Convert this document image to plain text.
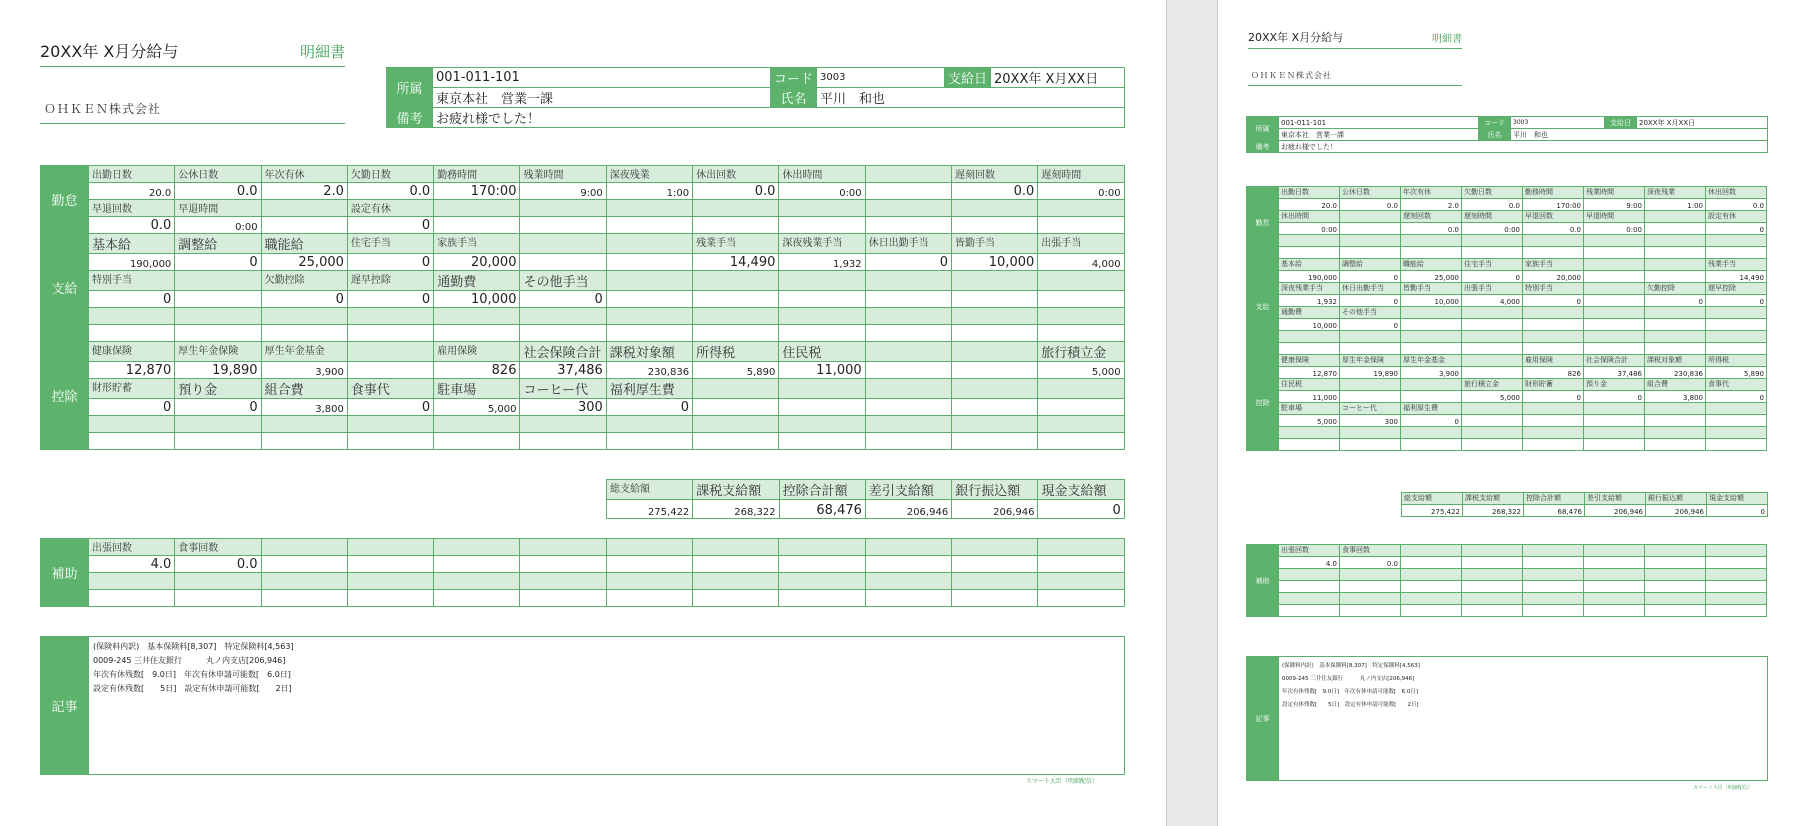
20XX年 X月分給与	明細書
ＯＨＫＥＮ株式会社
所属	001-011-101	コード	3003	支給日	20XX年 X月XX日
	東京本社　営業一課	氏名	平川　和也		
備考	お疲れ様でした！				
勤怠	出勤日数	公休日数	年次有休	欠勤日数	勤務時間	残業時間	深夜残業	休出回数	休出時間		遅刻回数	遅刻時間
	20.0	0.0	2.0	0.0	170:00	9:00	1:00	0.0	0:00		0.0	0:00
	早退回数	早退時間		設定有休								
	0.0	0:00		0								
支給	基本給	調整給	職能給	住宅手当	家族手当			残業手当	深夜残業手当	休日出勤手当	皆勤手当	出張手当
	190,000	0	25,000	0	20,000			14,490	1,932	0	10,000	4,000
	特別手当		欠勤控除	遅早控除	通勤費	その他手当						
	0		0	0	10,000	0						

控除	健康保険	厚生年金保険	厚生年金基金		雇用保険	社会保険合計	課税対象額	所得税	住民税			旅行積立金
	12,870	19,890	3,900		826	37,486	230,836	5,890	11,000			5,000
	財形貯蓄	預り金	組合費	食事代	駐車場	コーヒー代	福利厚生費					
	0	0	3,800	0	5,000	300	0					

総支給額	課税支給額	控除合計額	差引支給額	銀行振込額	現金支給額
275,422	268,322	68,476	206,946	206,946	0
補助	出張回数	食事回数										
	4.0	0.0										

記事	
(保険料内訳)　基本保険料[8,307]　特定保険料[4,563]
0009-245 三井住友銀行　　　丸ノ内支店[206,946]
年次有休残数[　9.0日]　年次有休申請可能数[　6.0日]
設定有休残数[　　5日]　設定有休申請可能数[　　2日]
スマート大臣（明細配信）
20XX年 X月分給与	明細書
ＯＨＫＥＮ株式会社
所属	001-011-101	コード	3003	支給日	20XX年 X月XX日
	東京本社　営業一課	氏名	平川　和也		
備考	お疲れ様でした！				
勤怠	出勤日数	公休日数	年次有休	欠勤日数	勤務時間	残業時間	深夜残業	休出回数
	20.0	0.0	2.0	0.0	170:00	9:00	1:00	0.0
	休出時間		遅刻回数	遅刻時間	早退回数	早退時間		設定有休
	0:00		0.0	0:00	0.0	0:00		0

支給	基本給	調整給	職能給	住宅手当	家族手当			残業手当
	190,000	0	25,000	0	20,000			14,490
	深夜残業手当	休日出勤手当	皆勤手当	出張手当	特別手当		欠勤控除	遅早控除
	1,932	0	10,000	4,000	0		0	0
	通勤費	その他手当						
	10,000	0						

控除	健康保険	厚生年金保険	厚生年金基金		雇用保険	社会保険合計	課税対象額	所得税
	12,870	19,890	3,900		826	37,486	230,836	5,890
	住民税			旅行積立金	財形貯蓄	預り金	組合費	食事代
	11,000			5,000	0	0	3,800	0
	駐車場	コーヒー代	福利厚生費					
	5,000	300	0					

総支給額	課税支給額	控除合計額	差引支給額	銀行振込額	現金支給額
275,422	268,322	68,476	206,946	206,946	0
補助	出張回数	食事回数						
	4.0	0.0						

記事	
(保険料内訳)　基本保険料[8,307]　特定保険料[4,563]
0009-245 三井住友銀行　　　丸ノ内支店[206,946]
年次有休残数[　9.0日]　年次有休申請可能数[　6.0日]
設定有休残数[　　5日]　設定有休申請可能数[　　2日]
スマート大臣（明細配信）
